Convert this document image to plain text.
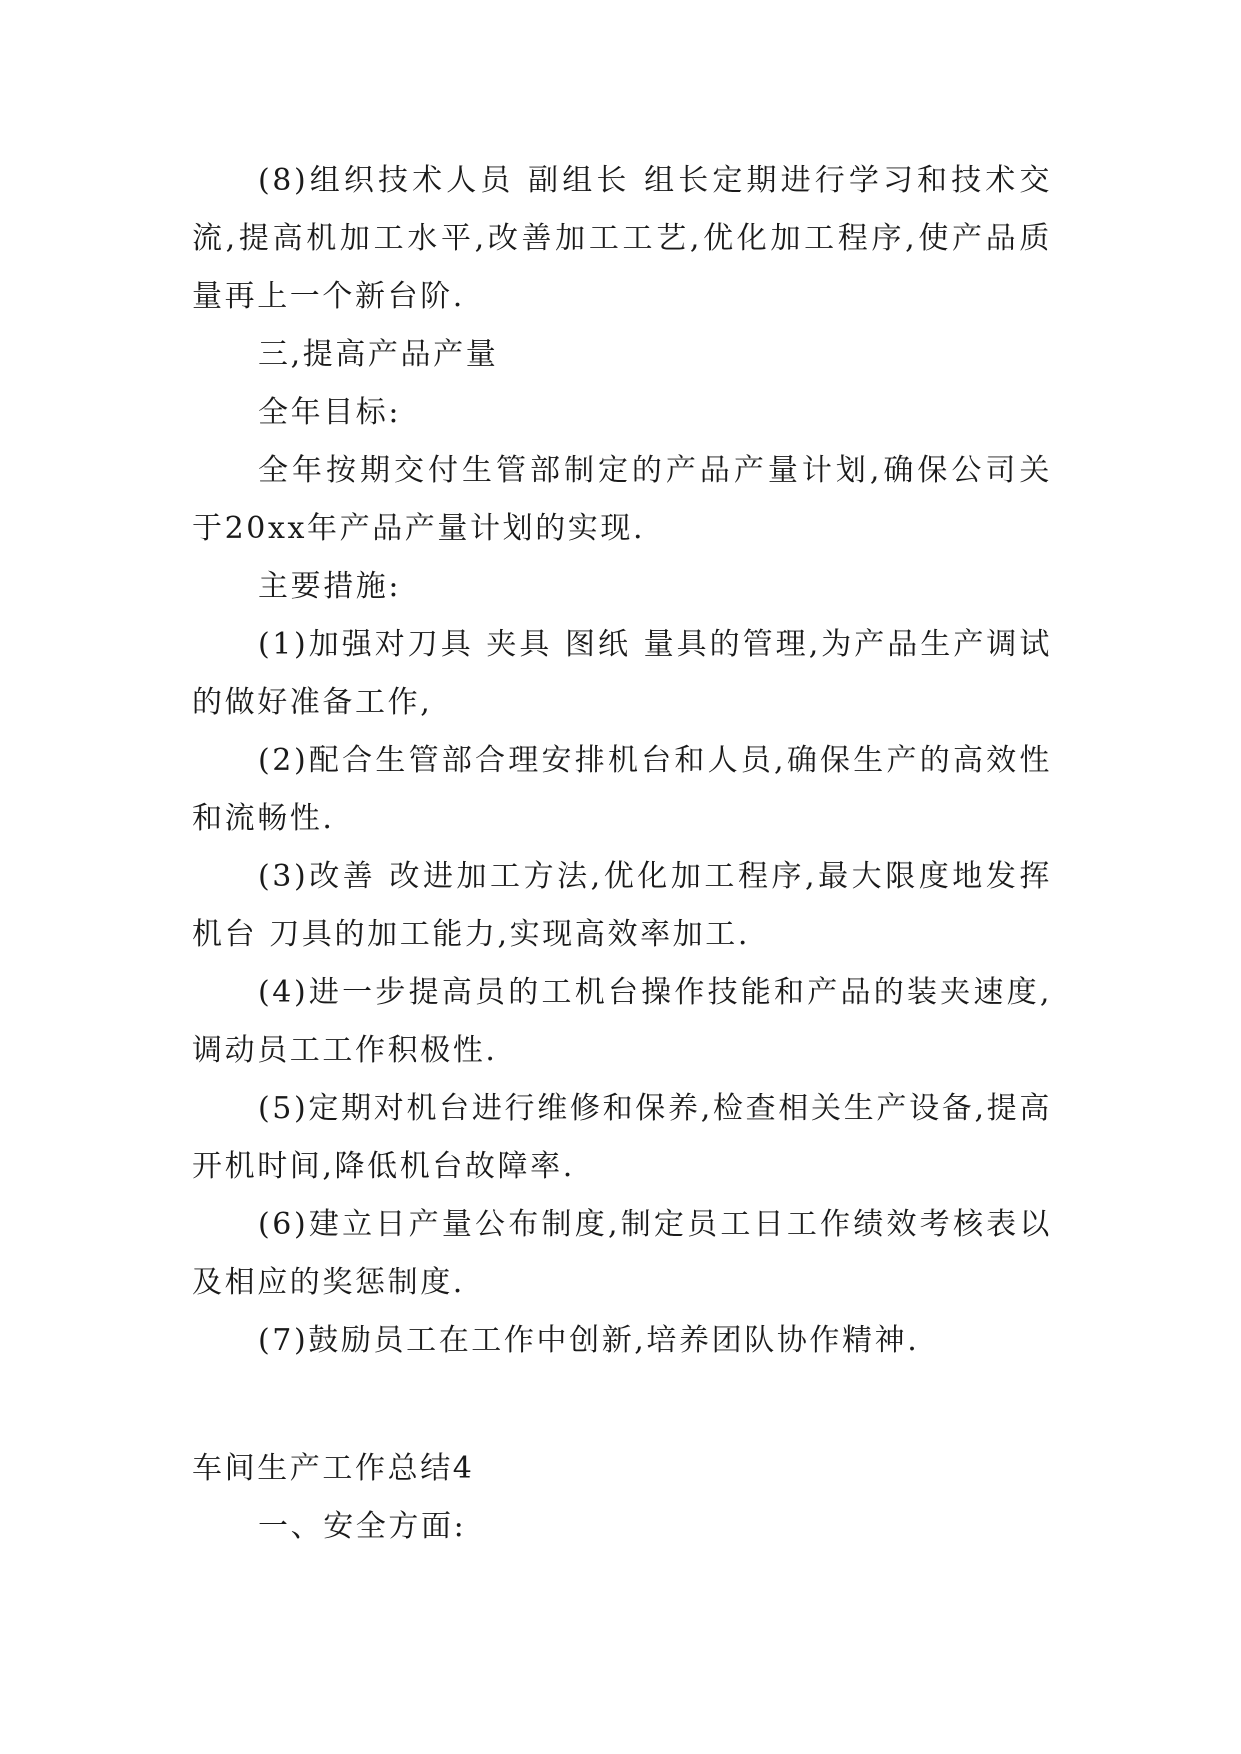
(8)组织技术人员 副组长 组长定期进行学习和技术交流,提高机加工水平,改善加工工艺,优化加工程序,使产品质量再上一个新台阶.

三,提高产品产量

全年目标:

全年按期交付生管部制定的产品产量计划,确保公司关于20xx年产品产量计划的实现.

主要措施:

(1)加强对刀具 夹具 图纸 量具的管理,为产品生产调试的做好准备工作,

(2)配合生管部合理安排机台和人员,确保生产的高效性和流畅性.

(3)改善 改进加工方法,优化加工程序,最大限度地发挥机台 刀具的加工能力,实现高效率加工.

(4)进一步提高员的工机台操作技能和产品的装夹速度,调动员工工作积极性.

(5)定期对机台进行维修和保养,检查相关生产设备,提高开机时间,降低机台故障率.

(6)建立日产量公布制度,制定员工日工作绩效考核表以及相应的奖惩制度.

(7)鼓励员工在工作中创新,培养团队协作精神.

车间生产工作总结4

一、安全方面:
